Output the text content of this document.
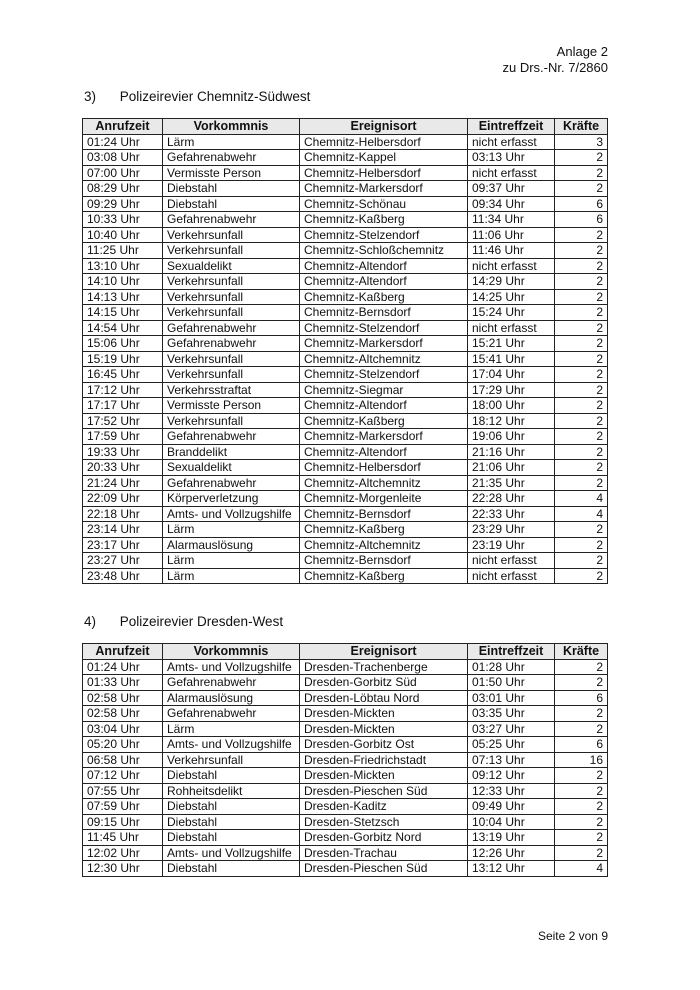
Anlage 2
zu Drs.-Nr. 7/2860
3) Polizeirevier Chemnitz-Südwest
Anrufzeit	Vorkommnis	Ereignisort	Eintreffzeit	Kräfte
01:24 Uhr	Lärm	Chemnitz-Helbersdorf	nicht erfasst	3
03:08 Uhr	Gefahrenabwehr	Chemnitz-Kappel	03:13 Uhr	2
07:00 Uhr	Vermisste Person	Chemnitz-Helbersdorf	nicht erfasst	2
08:29 Uhr	Diebstahl	Chemnitz-Markersdorf	09:37 Uhr	2
09:29 Uhr	Diebstahl	Chemnitz-Schönau	09:34 Uhr	6
10:33 Uhr	Gefahrenabwehr	Chemnitz-Kaßberg	11:34 Uhr	6
10:40 Uhr	Verkehrsunfall	Chemnitz-Stelzendorf	11:06 Uhr	2
11:25 Uhr	Verkehrsunfall	Chemnitz-Schloßchemnitz	11:46 Uhr	2
13:10 Uhr	Sexualdelikt	Chemnitz-Altendorf	nicht erfasst	2
14:10 Uhr	Verkehrsunfall	Chemnitz-Altendorf	14:29 Uhr	2
14:13 Uhr	Verkehrsunfall	Chemnitz-Kaßberg	14:25 Uhr	2
14:15 Uhr	Verkehrsunfall	Chemnitz-Bernsdorf	15:24 Uhr	2
14:54 Uhr	Gefahrenabwehr	Chemnitz-Stelzendorf	nicht erfasst	2
15:06 Uhr	Gefahrenabwehr	Chemnitz-Markersdorf	15:21 Uhr	2
15:19 Uhr	Verkehrsunfall	Chemnitz-Altchemnitz	15:41 Uhr	2
16:45 Uhr	Verkehrsunfall	Chemnitz-Stelzendorf	17:04 Uhr	2
17:12 Uhr	Verkehrsstraftat	Chemnitz-Siegmar	17:29 Uhr	2
17:17 Uhr	Vermisste Person	Chemnitz-Altendorf	18:00 Uhr	2
17:52 Uhr	Verkehrsunfall	Chemnitz-Kaßberg	18:12 Uhr	2
17:59 Uhr	Gefahrenabwehr	Chemnitz-Markersdorf	19:06 Uhr	2
19:33 Uhr	Branddelikt	Chemnitz-Altendorf	21:16 Uhr	2
20:33 Uhr	Sexualdelikt	Chemnitz-Helbersdorf	21:06 Uhr	2
21:24 Uhr	Gefahrenabwehr	Chemnitz-Altchemnitz	21:35 Uhr	2
22:09 Uhr	Körperverletzung	Chemnitz-Morgenleite	22:28 Uhr	4
22:18 Uhr	Amts- und Vollzugshilfe	Chemnitz-Bernsdorf	22:33 Uhr	4
23:14 Uhr	Lärm	Chemnitz-Kaßberg	23:29 Uhr	2
23:17 Uhr	Alarmauslösung	Chemnitz-Altchemnitz	23:19 Uhr	2
23:27 Uhr	Lärm	Chemnitz-Bernsdorf	nicht erfasst	2
23:48 Uhr	Lärm	Chemnitz-Kaßberg	nicht erfasst	2
4) Polizeirevier Dresden-West
Anrufzeit	Vorkommnis	Ereignisort	Eintreffzeit	Kräfte
01:24 Uhr	Amts- und Vollzugshilfe	Dresden-Trachenberge	01:28 Uhr	2
01:33 Uhr	Gefahrenabwehr	Dresden-Gorbitz Süd	01:50 Uhr	2
02:58 Uhr	Alarmauslösung	Dresden-Löbtau Nord	03:01 Uhr	6
02:58 Uhr	Gefahrenabwehr	Dresden-Mickten	03:35 Uhr	2
03:04 Uhr	Lärm	Dresden-Mickten	03:27 Uhr	2
05:20 Uhr	Amts- und Vollzugshilfe	Dresden-Gorbitz Ost	05:25 Uhr	6
06:58 Uhr	Verkehrsunfall	Dresden-Friedrichstadt	07:13 Uhr	16
07:12 Uhr	Diebstahl	Dresden-Mickten	09:12 Uhr	2
07:55 Uhr	Rohheitsdelikt	Dresden-Pieschen Süd	12:33 Uhr	2
07:59 Uhr	Diebstahl	Dresden-Kaditz	09:49 Uhr	2
09:15 Uhr	Diebstahl	Dresden-Stetzsch	10:04 Uhr	2
11:45 Uhr	Diebstahl	Dresden-Gorbitz Nord	13:19 Uhr	2
12:02 Uhr	Amts- und Vollzugshilfe	Dresden-Trachau	12:26 Uhr	2
12:30 Uhr	Diebstahl	Dresden-Pieschen Süd	13:12 Uhr	4
Seite 2 von 9
